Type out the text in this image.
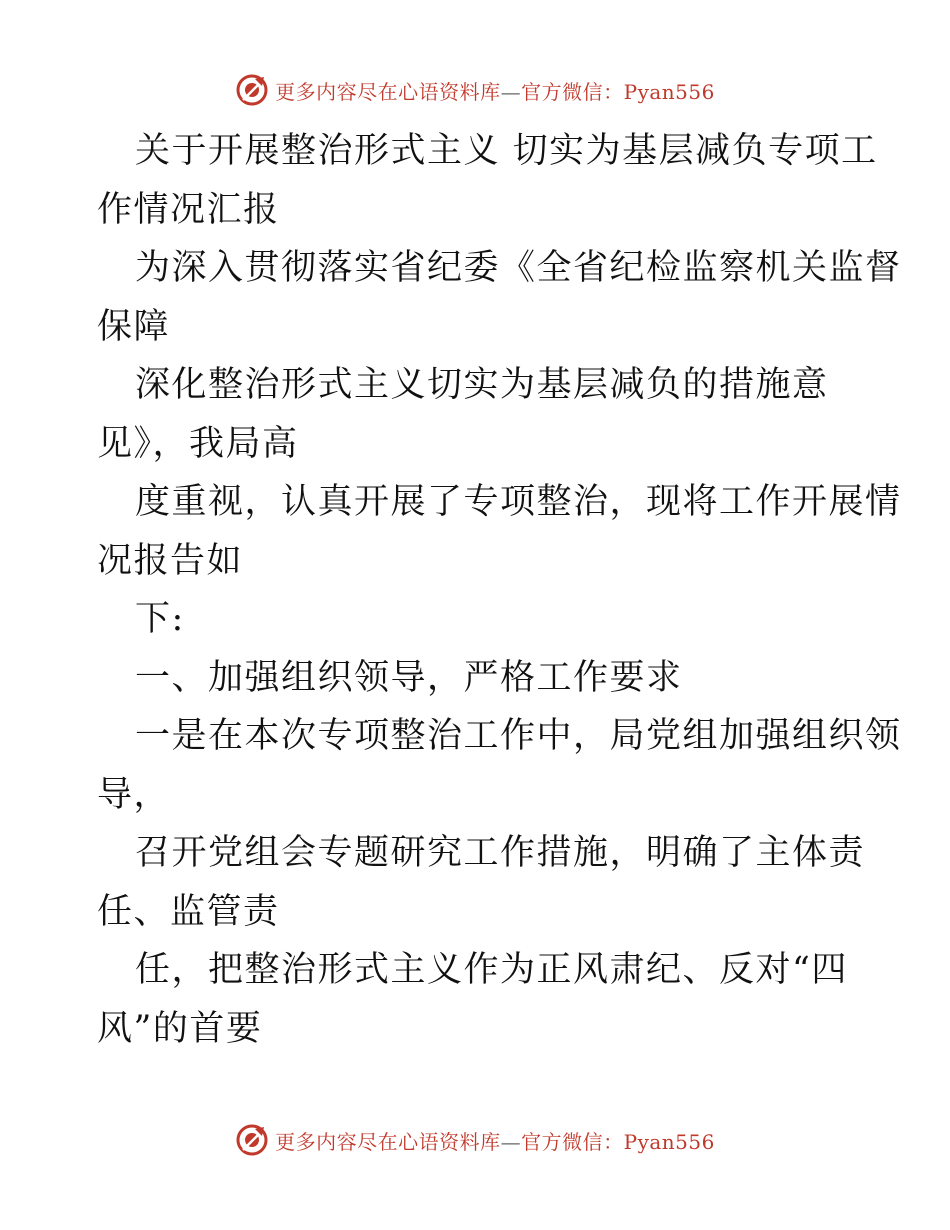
更多内容尽在心语资料库—官方微信：Pyan556
关于开展整治形式主义 切实为基层减负专项工
作情况汇报
为深入贯彻落实省纪委《全省纪检监察机关监督
保障
深化整治形式主义切实为基层减负的措施意
见》，我局高
度重视，认真开展了专项整治，现将工作开展情
况报告如
下:
一、加强组织领导，严格工作要求
一是在本次专项整治工作中，局党组加强组织领
导，
召开党组会专题研究工作措施，明确了主体责
任、监管责
任，把整治形式主义作为正风肃纪、反对“四
风”的首要
更多内容尽在心语资料库—官方微信：Pyan556
